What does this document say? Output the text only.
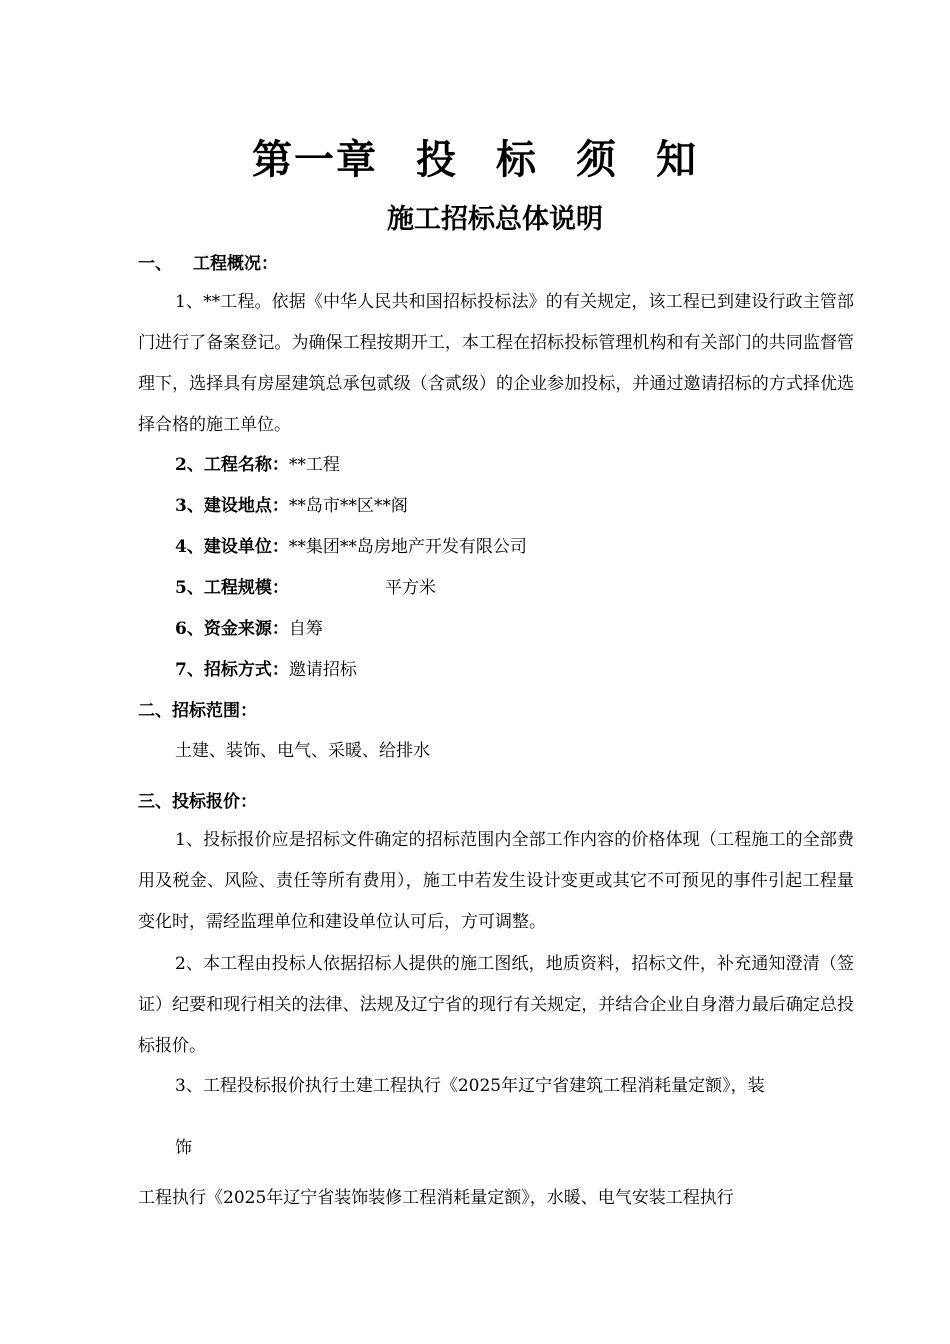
第一章 投 标 须 知
施工招标总体说明
一、 工程概况：
1、**工程。依据《中华人民共和国招标投标法》的有关规定，该工程已到建设行政主管部门进行了备案登记。为确保工程按期开工，本工程在招标投标管理机构和有关部门的共同监督管理下，选择具有房屋建筑总承包贰级（含贰级）的企业参加投标，并通过邀请招标的方式择优选择合格的施工单位。
2、工程名称：**工程
3、建设地点：**岛市**区**阁
4、建设单位：**集团**岛房地产开发有限公司
5、工程规模：	平方米
6、资金来源：自筹
7、招标方式：邀请招标
二、招标范围：
土建、装饰、电气、采暖、给排水
三、投标报价：
1、投标报价应是招标文件确定的招标范围内全部工作内容的价格体现（工程施工的全部费用及税金、风险、责任等所有费用），施工中若发生设计变更或其它不可预见的事件引起工程量变化时，需经监理单位和建设单位认可后，方可调整。
2、本工程由投标人依据招标人提供的施工图纸，地质资料，招标文件，补充通知澄清（签证）纪要和现行相关的法律、法规及辽宁省的现行有关规定，并结合企业自身潜力最后确定总投标报价。
3、工程投标报价执行土建工程执行《2025年辽宁省建筑工程消耗量定额》，装
饰
工程执行《2025年辽宁省装饰装修工程消耗量定额》，水暖、电气安装工程执行
